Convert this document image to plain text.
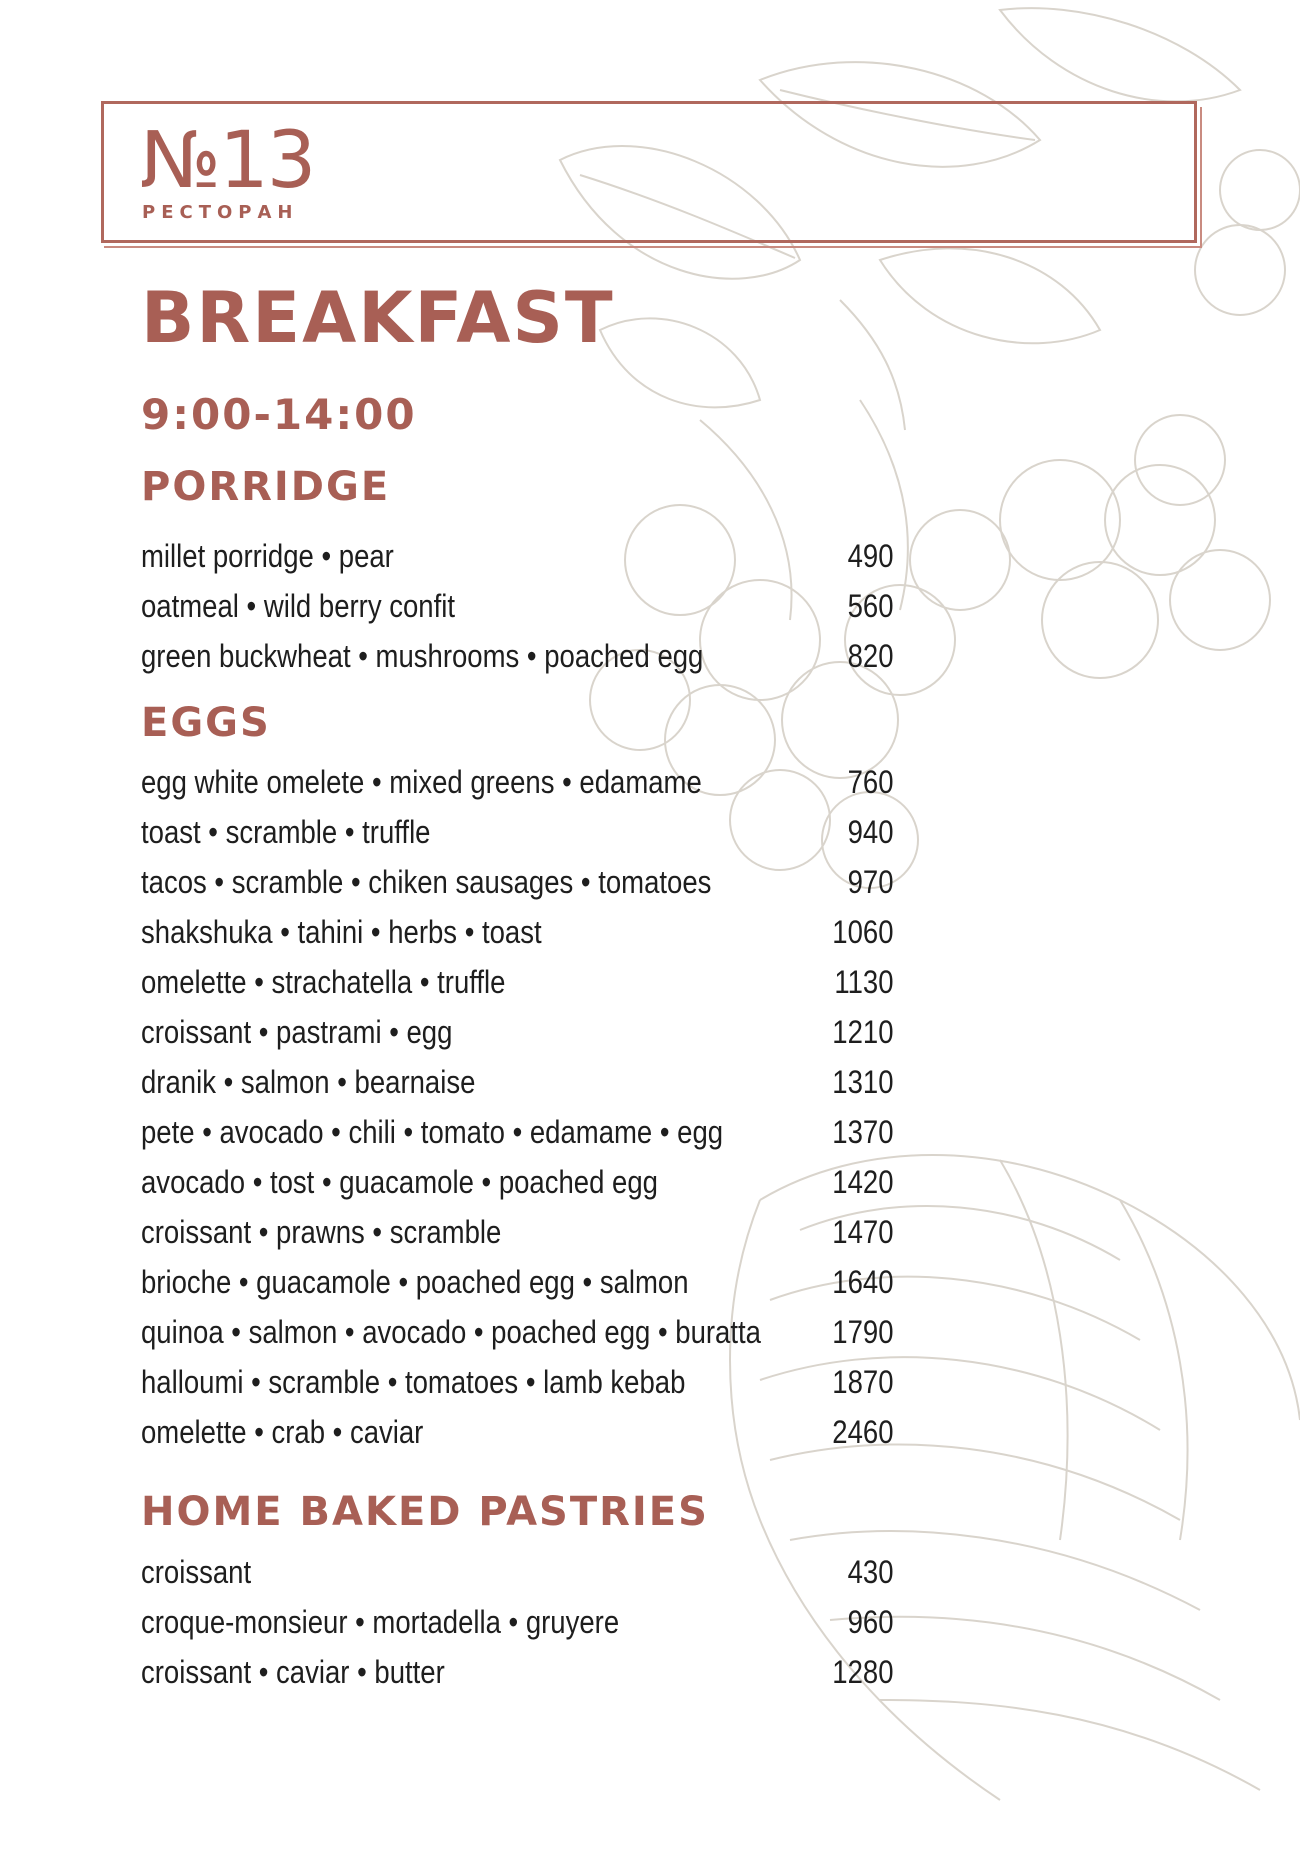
№13
РЕСТОРАН
BREAKFAST
9:00-14:00
PORRIDGE
millet porridge • pear	490
oatmeal • wild berry confit	560
green buckwheat • mushrooms • poached egg	820
EGGS
egg white omelete • mixed greens • edamame	760
toast • scramble • truffle	940
tacos • scramble • chiken sausages • tomatoes	970
shakshuka • tahini • herbs • toast	1060
omelette • strachatella • truffle	1130
croissant • pastrami • egg	1210
dranik • salmon • bearnaise	1310
pete • avocado • chili • tomato • edamame • egg	1370
avocado • tost • guacamole • poached egg	1420
croissant • prawns • scramble	1470
brioche • guacamole • poached egg • salmon	1640
quinoa • salmon • avocado • poached egg • buratta	1790
halloumi • scramble • tomatoes • lamb kebab	1870
omelette • crab • caviar	2460
HOME BAKED PASTRIES
croissant	430
croque-monsieur • mortadella • gruyere	960
croissant • caviar • butter	1280
